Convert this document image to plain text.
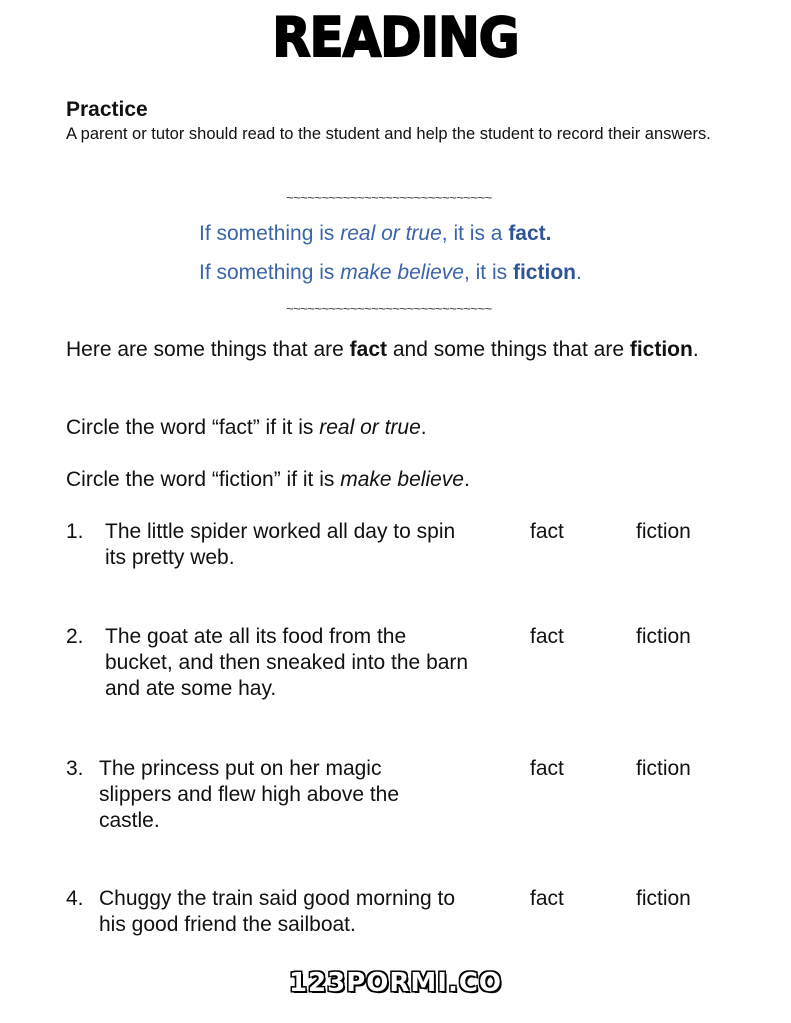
READING
Practice
A parent or tutor should read to the student and help the student to record their answers.
~~~~~~~~~~~~~~~~~~~~~~~~~~~~~
If something is real or true, it is a fact.
If something is make believe, it is fiction.
~~~~~~~~~~~~~~~~~~~~~~~~~~~~~
Here are some things that are fact and some things that are fiction.
Circle the word “fact” if it is real or true.
Circle the word “fiction” if it is make believe.
1. The little spider worked all day to spin its pretty web.
fact	fiction
2. The goat ate all its food from the bucket, and then sneaked into the barn and ate some hay.
fact	fiction
3. The princess put on her magic slippers and flew high above the castle.
fact	fiction
4. Chuggy the train said good morning to his good friend the sailboat.
fact	fiction
123PORMI.CO
